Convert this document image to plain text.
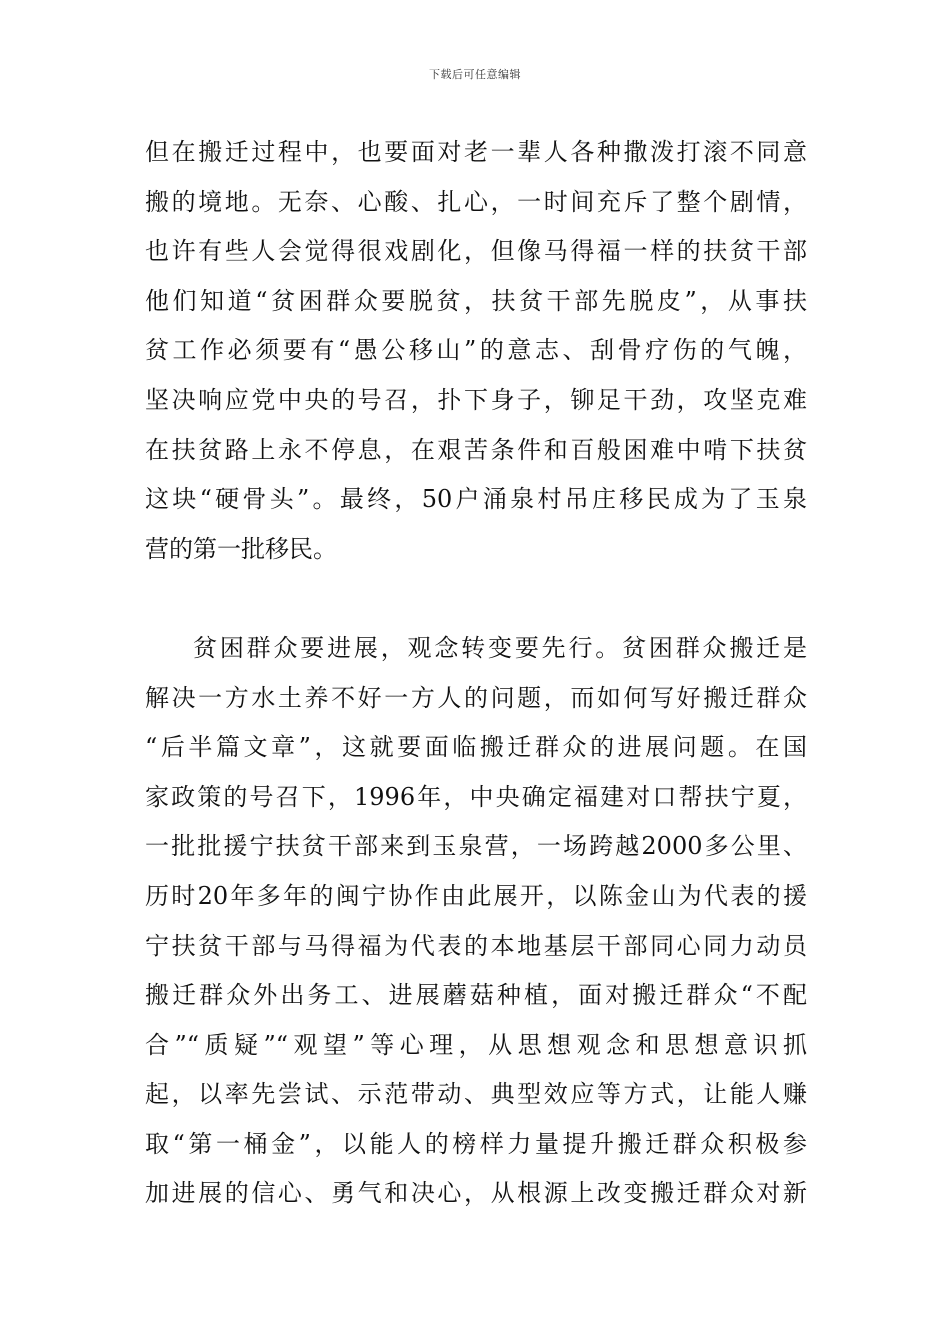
下载后可任意编辑
但在搬迁过程中，也要面对老一辈人各种撒泼打滚不同意
搬的境地。无奈、心酸、扎心，一时间充斥了整个剧情，
也许有些人会觉得很戏剧化，但像马得福一样的扶贫干部
他们知道“贫困群众要脱贫，扶贫干部先脱皮”，从事扶
贫工作必须要有“愚公移山”的意志、刮骨疗伤的气魄，
坚决响应党中央的号召，扑下身子，铆足干劲，攻坚克难
在扶贫路上永不停息，在艰苦条件和百般困难中啃下扶贫
这块“硬骨头”。最终，50户涌泉村吊庄移民成为了玉泉
营的第一批移民。
贫困群众要进展，观念转变要先行。贫困群众搬迁是
解决一方水土养不好一方人的问题，而如何写好搬迁群众
“后半篇文章”，这就要面临搬迁群众的进展问题。在国
家政策的号召下，1996年，中央确定福建对口帮扶宁夏，
一批批援宁扶贫干部来到玉泉营，一场跨越2000多公里、
历时20年多年的闽宁协作由此展开，以陈金山为代表的援
宁扶贫干部与马得福为代表的本地基层干部同心同力动员
搬迁群众外出务工、进展蘑菇种植，面对搬迁群众“不配
合”“质疑”“观望”等心理，从思想观念和思想意识抓
起，以率先尝试、示范带动、典型效应等方式，让能人赚
取“第一桶金”，以能人的榜样力量提升搬迁群众积极参
加进展的信心、勇气和决心，从根源上改变搬迁群众对新
